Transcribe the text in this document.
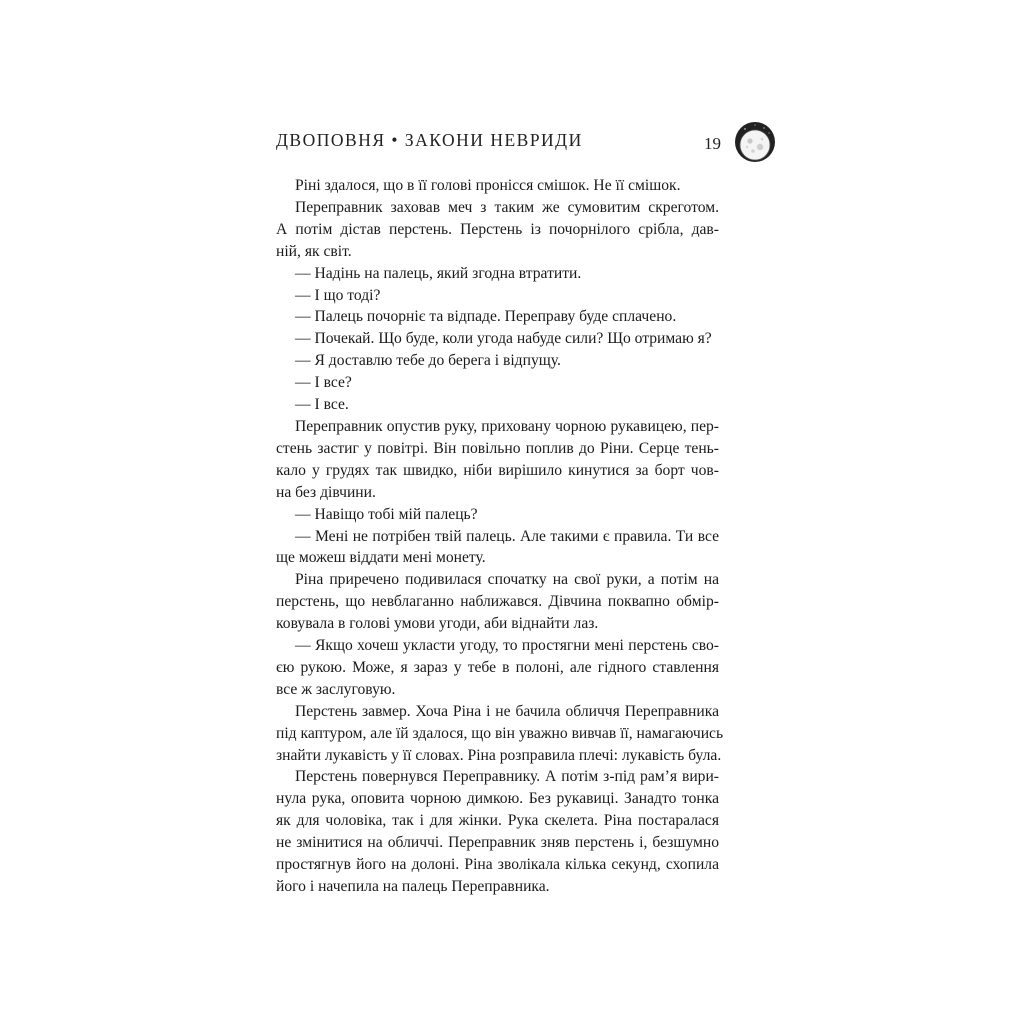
ДВОПОВНЯ • ЗАКОНИ НЕВРИДИ	19
Ріні здалося, що в її голові пронісся смішок. Не її смішок.
Переправник заховав меч з таким же сумовитим скреготом.
А потім дістав перстень. Перстень із почорнілого срібла, дав-
ній, як світ.
— Надінь на палець, який згодна втратити.
— І що тоді?
— Палець почорніє та відпаде. Переправу буде сплачено.
— Почекай. Що буде, коли угода набуде сили? Що отримаю я?
— Я доставлю тебе до берега і відпущу.
— І все?
— І все.
Переправник опустив руку, приховану чорною рукавицею, пер-
стень застиг у повітрі. Він повільно поплив до Ріни. Серце тень-
кало у грудях так швидко, ніби вирішило кинутися за борт чов-
на без дівчини.
— Навіщо тобі мій палець?
— Мені не потрібен твій палець. Але такими є правила. Ти все
ще можеш віддати мені монету.
Ріна приречено подивилася спочатку на свої руки, а потім на
перстень, що невблаганно наближався. Дівчина поквапно обмір-
ковувала в голові умови угоди, аби віднайти лаз.
— Якщо хочеш укласти угоду, то простягни мені перстень сво-
єю рукою. Може, я зараз у тебе в полоні, але гідного ставлення
все ж заслуговую.
Перстень завмер. Хоча Ріна і не бачила обличчя Переправника
під каптуром, але їй здалося, що він уважно вивчав її, намагаючись
знайти лукавість у її словах. Ріна розправила плечі: лукавість була.
Перстень повернувся Переправнику. А потім з-під рам’я вири-
нула рука, оповита чорною димкою. Без рукавиці. Занадто тонка
як для чоловіка, так і для жінки. Рука скелета. Ріна постаралася
не змінитися на обличчі. Переправник зняв перстень і, безшумно
простягнув його на долоні. Ріна зволікала кілька секунд, схопила
його і начепила на палець Переправника.
